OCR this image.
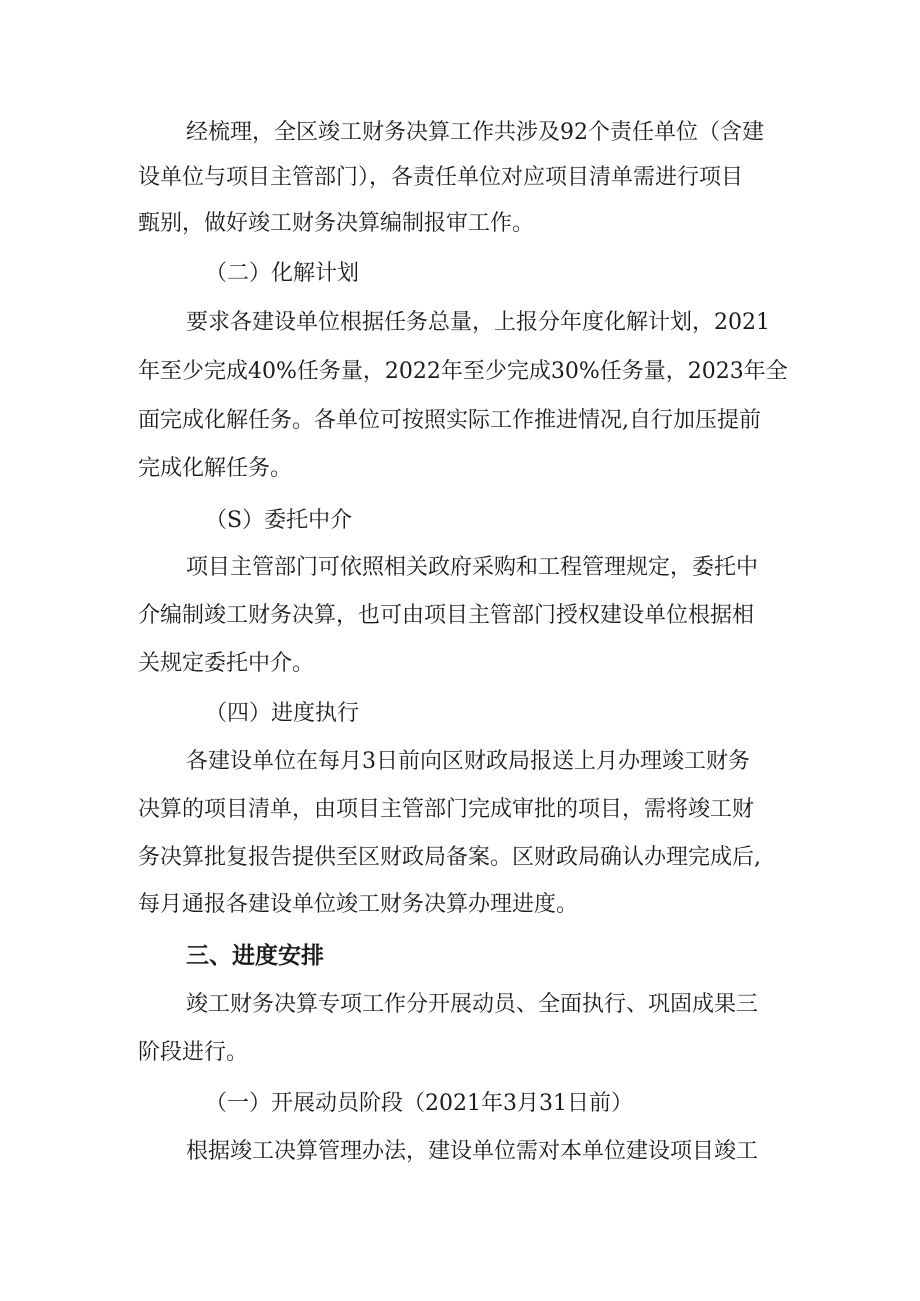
经梳理，全区竣工财务决算工作共涉及92个责任单位（含建
设单位与项目主管部门），各责任单位对应项目清单需进行项目
甄别，做好竣工财务决算编制报审工作。
（二）化解计划
要求各建设单位根据任务总量，上报分年度化解计划，2021
年至少完成40%任务量，2022年至少完成30%任务量，2023年全
面完成化解任务。各单位可按照实际工作推进情况,自行加压提前
完成化解任务。
（S）委托中介
项目主管部门可依照相关政府采购和工程管理规定，委托中
介编制竣工财务决算，也可由项目主管部门授权建设单位根据相
关规定委托中介。
（四）进度执行
各建设单位在每月3日前向区财政局报送上月办理竣工财务
决算的项目清单，由项目主管部门完成审批的项目，需将竣工财
务决算批复报告提供至区财政局备案。区财政局确认办理完成后,
每月通报各建设单位竣工财务决算办理进度。
三、进度安排
竣工财务决算专项工作分开展动员、全面执行、巩固成果三
阶段进行。
（一）开展动员阶段（2021年3月31日前）
根据竣工决算管理办法，建设单位需对本单位建设项目竣工
